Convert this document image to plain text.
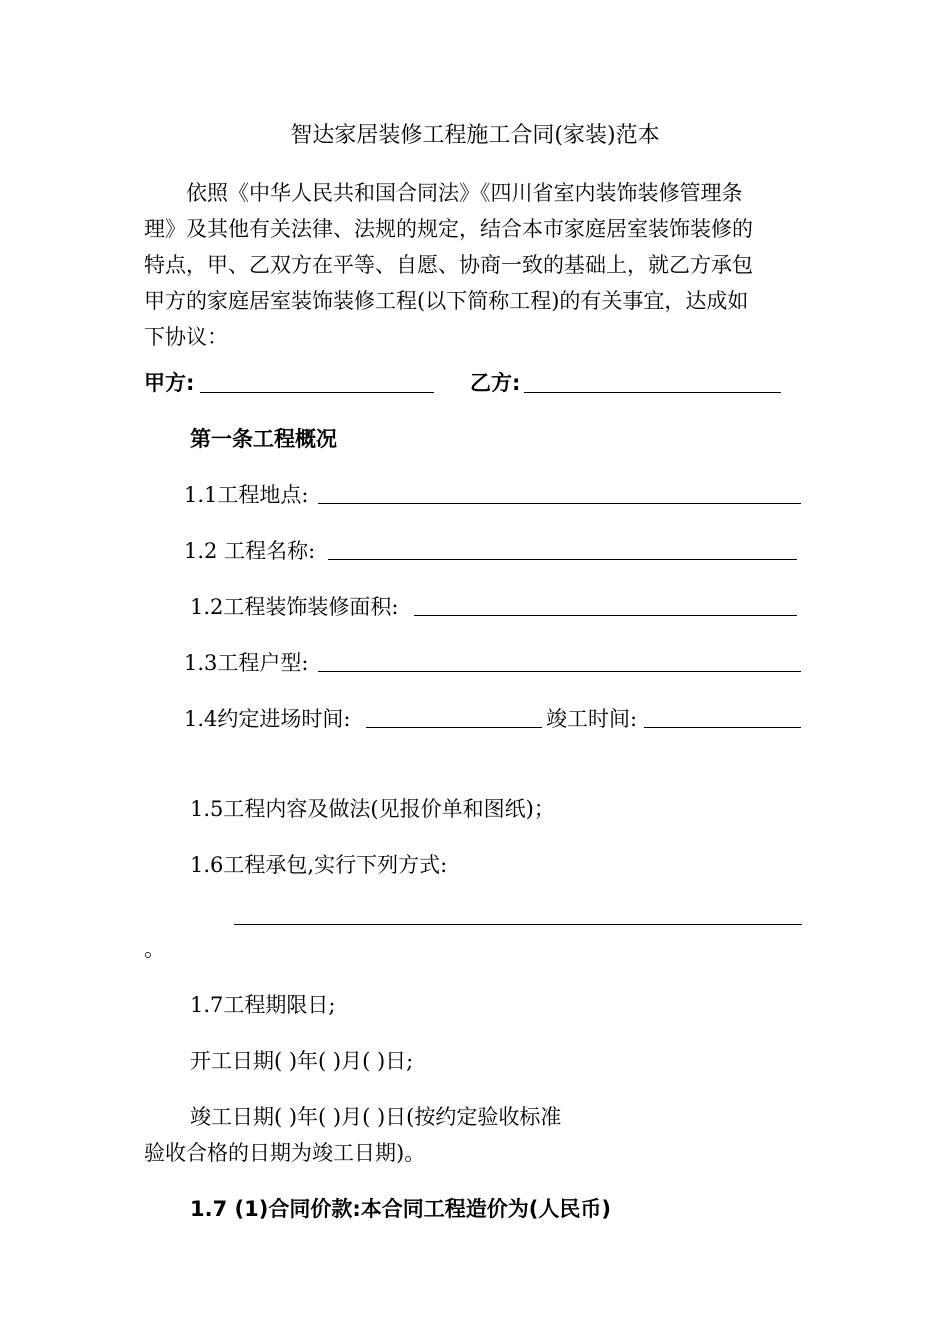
智达家居装修工程施工合同(家装)范本
依照《中华人民共和国合同法》《四川省室内装饰装修管理条
理》及其他有关法律、法规的规定，结合本市家庭居室装饰装修的
特点，甲、乙双方在平等、自愿、协商一致的基础上，就乙方承包
甲方的家庭居室装饰装修工程(以下简称工程)的有关事宜，达成如
下协议：
甲方:	乙方:
第一条工程概况
1.1工程地点:
1.2 工程名称:
1.2工程装饰装修面积:
1.3工程户型:
1.4约定进场时间:	竣工时间:
1.5工程内容及做法(见报价单和图纸)；
1.6工程承包,实行下列方式:
。
1.7工程期限日;
开工日期( )年( )月( )日;
竣工日期( )年( )月( )日(按约定验收标准
验收合格的日期为竣工日期)。
1.7 (1)合同价款:本合同工程造价为(人民币)
